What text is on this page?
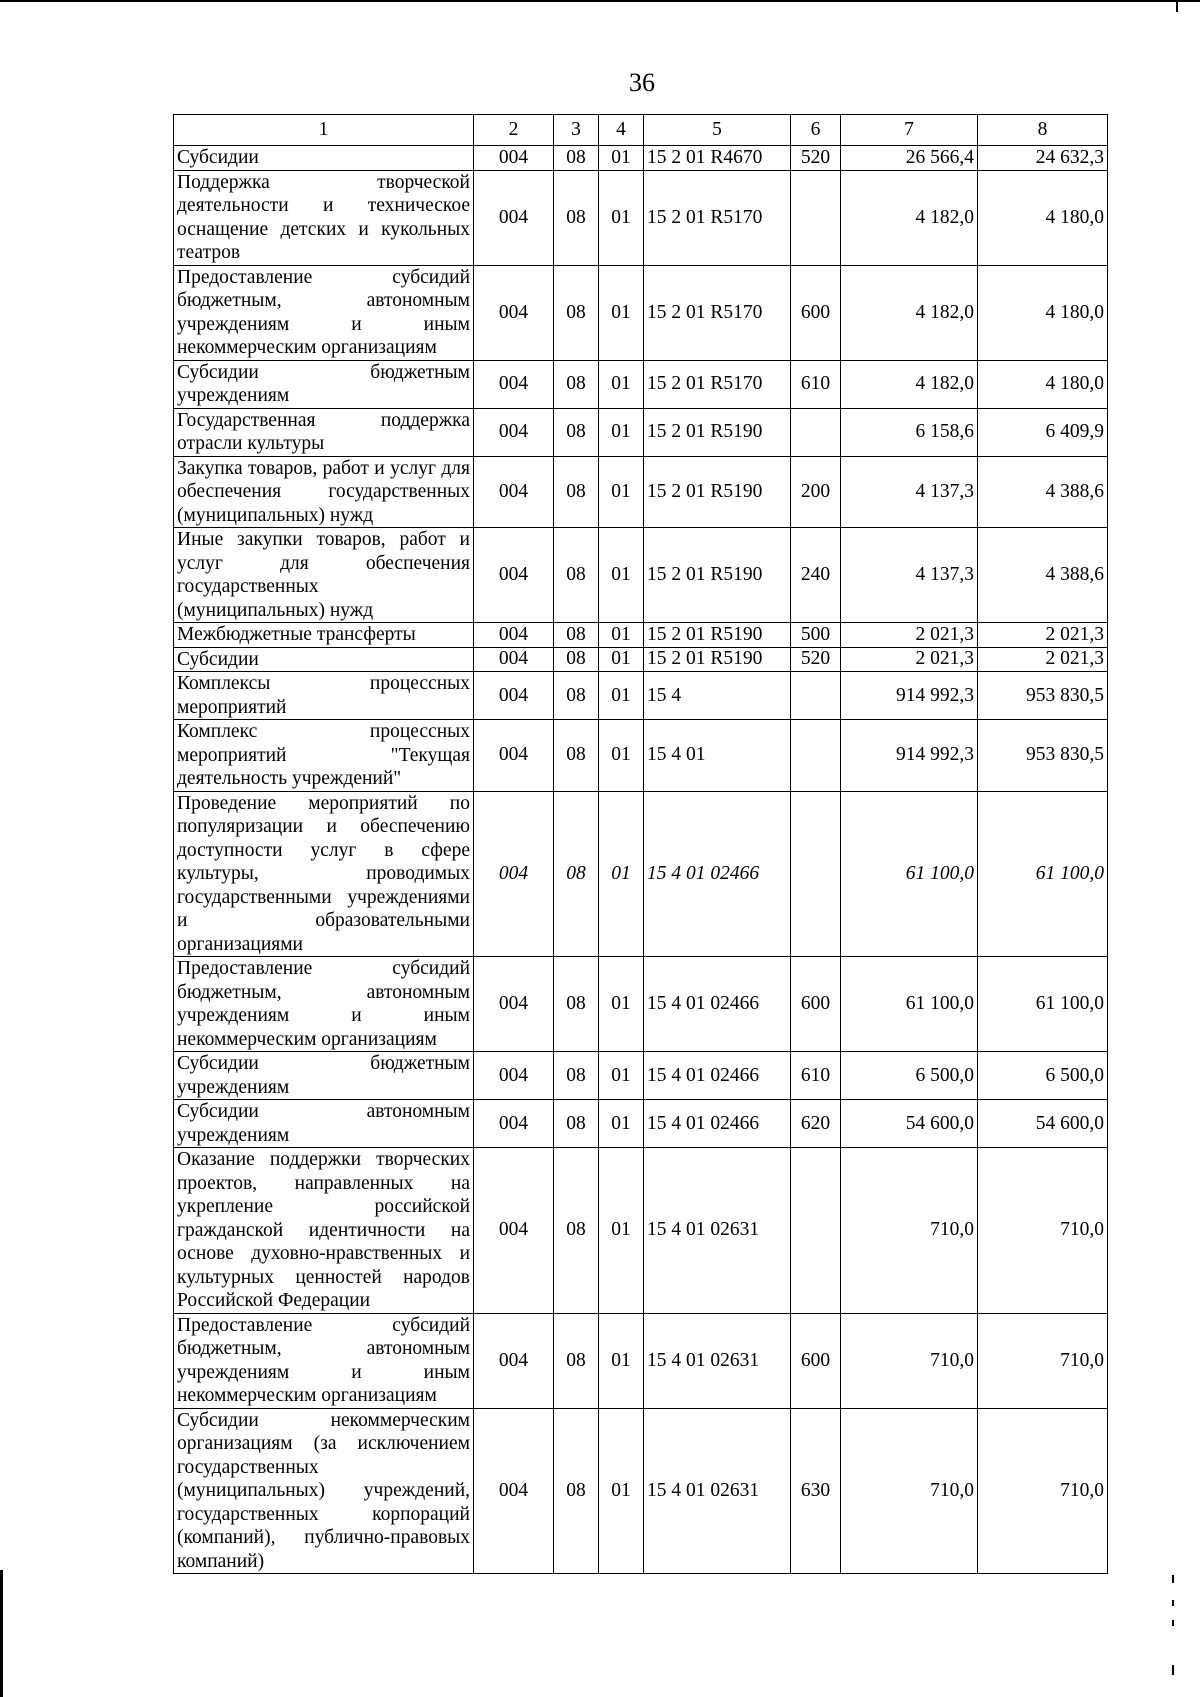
36
1	2	3	4	5	6	7	8
Субсидии	004	08	01	15 2 01 R4670	520	26 566,4	24 632,3
Поддержка творческой деятельности и техническое оснащение детских и кукольных театров	004	08	01	15 2 01 R5170		4 182,0	4 180,0
Предоставление субсидий бюджетным, автономным учреждениям и иным некоммерческим организациям	004	08	01	15 2 01 R5170	600	4 182,0	4 180,0
Субсидии бюджетным учреждениям	004	08	01	15 2 01 R5170	610	4 182,0	4 180,0
Государственная поддержка отрасли культуры	004	08	01	15 2 01 R5190		6 158,6	6 409,9
Закупка товаров, работ и услуг для обеспечения государственных (муниципальных) нужд	004	08	01	15 2 01 R5190	200	4 137,3	4 388,6
Иные закупки товаров, работ и услуг для обеспечения государственных (муниципальных) нужд	004	08	01	15 2 01 R5190	240	4 137,3	4 388,6
Межбюджетные трансферты	004	08	01	15 2 01 R5190	500	2 021,3	2 021,3
Субсидии	004	08	01	15 2 01 R5190	520	2 021,3	2 021,3
Комплексы процессных мероприятий	004	08	01	15 4		914 992,3	953 830,5
Комплекс процессных мероприятий "Текущая деятельность учреждений"	004	08	01	15 4 01		914 992,3	953 830,5
Проведение мероприятий по популяризации и обеспечению доступности услуг в сфере культуры, проводимых государственными учреждениями и образовательными организациями	004	08	01	15 4 01 02466		61 100,0	61 100,0
Предоставление субсидий бюджетным, автономным учреждениям и иным некоммерческим организациям	004	08	01	15 4 01 02466	600	61 100,0	61 100,0
Субсидии бюджетным учреждениям	004	08	01	15 4 01 02466	610	6 500,0	6 500,0
Субсидии автономным учреждениям	004	08	01	15 4 01 02466	620	54 600,0	54 600,0
Оказание поддержки творческих проектов, направленных на укрепление российской гражданской идентичности на основе духовно-нравственных и культурных ценностей народов Российской Федерации	004	08	01	15 4 01 02631		710,0	710,0
Предоставление субсидий бюджетным, автономным учреждениям и иным некоммерческим организациям	004	08	01	15 4 01 02631	600	710,0	710,0
Субсидии некоммерческим организациям (за исключением государственных (муниципальных) учреждений, государственных корпораций (компаний), публично-правовых компаний)	004	08	01	15 4 01 02631	630	710,0	710,0
